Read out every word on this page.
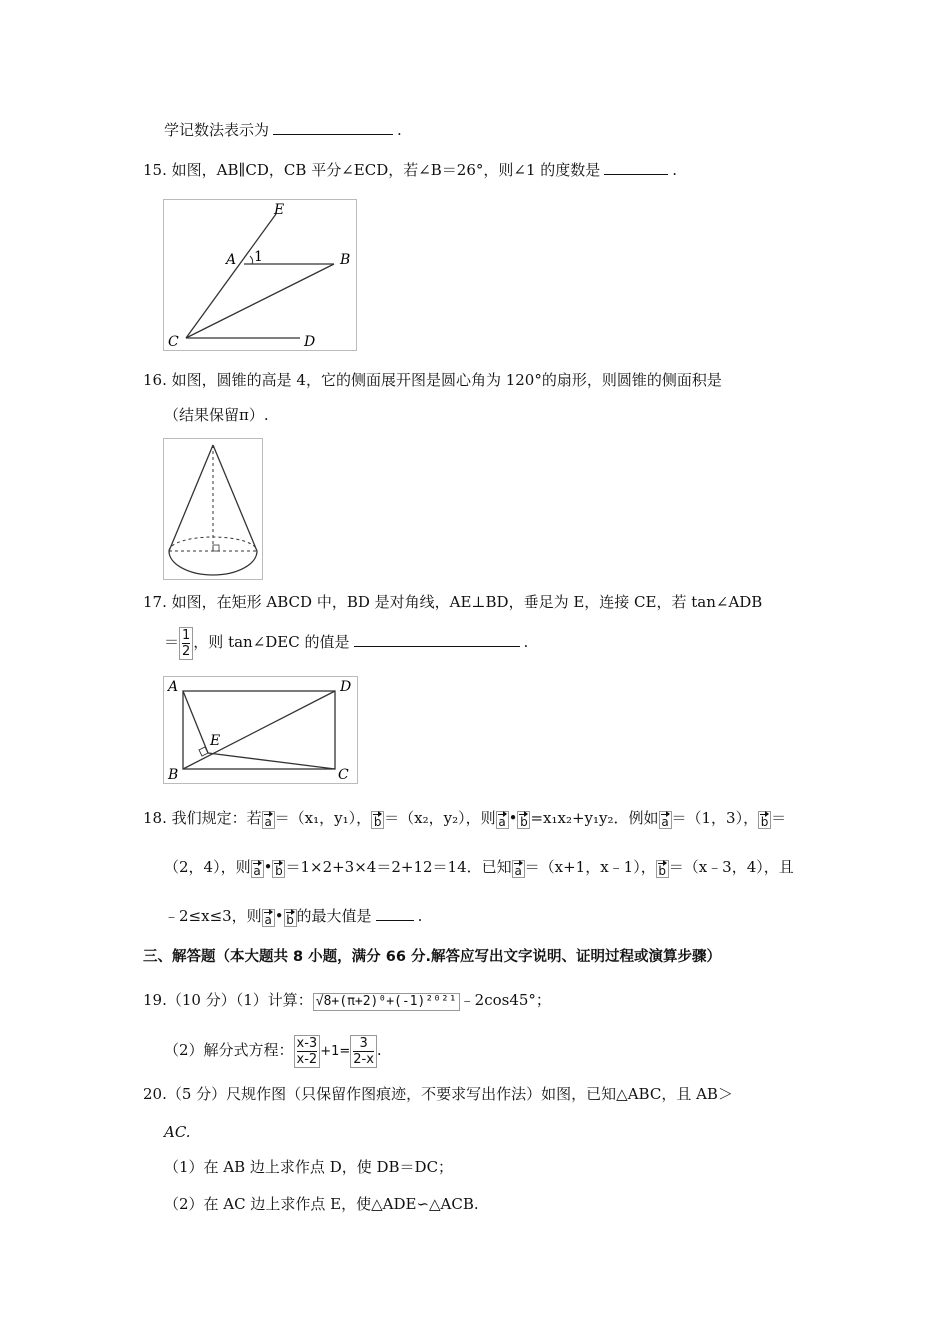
学记数法表示为	.
15. 如图，AB∥CD，CB 平分∠ECD，若∠B＝26°，则∠1 的度数是	.
E
A 1	B
C	D
16. 如图，圆锥的高是 4，它的侧面展开图是圆心角为 120°的扇形，则圆锥的侧面积是
（结果保留π）.
17. 如图，在矩形 ABCD 中，BD 是对角线，AE⊥BD，垂足为 E，连接 CE，若 tan∠ADB
＝ $\frac{1}{2}$ ，则 tan∠DEC 的值是	.
A	D
E
B	C
18. 我们规定：若 a ＝（x₁，y₁）， b ＝（x₂，y₂），则 a • b =x₁x₂+y₁y₂．例如 a ＝（1，3）， b ＝
（2，4），则 a • b ＝1×2+3×4＝2+12＝14．已知 a ＝（x+1，x﹣1）， b ＝（x﹣3，4），且
﹣2≤x≤3，则 a • b 的最大值是	.
三、解答题（本大题共 8 小题，满分 66 分.解答应写出文字说明、证明过程或演算步骤）
19.（10 分）（1）计算： √8+(π+2)⁰+(-1)²⁰²¹ ﹣2cos45°；
（2）解分式方程： $\frac{x-3}{x-2} +1= \frac{3}{2-x}$ .
20.（5 分）尺规作图（只保留作图痕迹，不要求写出作法）如图，已知△ABC，且 AB＞
AC.
（1）在 AB 边上求作点 D，使 DB＝DC；
（2）在 AC 边上求作点 E，使△ADE∽△ACB.
